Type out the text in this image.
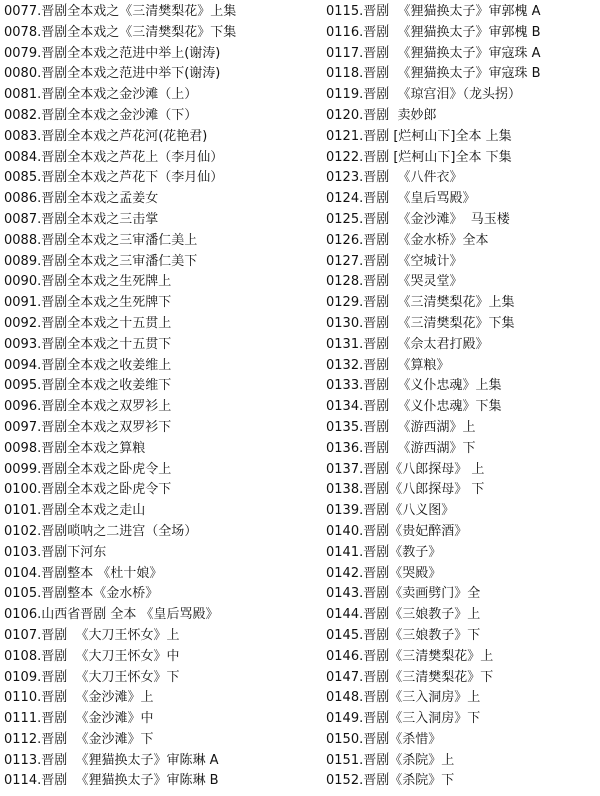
0077.晋剧全本戏之《三清樊梨花》上集
0078.晋剧全本戏之《三清樊梨花》下集
0079.晋剧全本戏之范进中举上(谢涛)
0080.晋剧全本戏之范进中举下(谢涛)
0081.晋剧全本戏之金沙滩（上）
0082.晋剧全本戏之金沙滩（下）
0083.晋剧全本戏之芦花河(花艳君)
0084.晋剧全本戏之芦花上（李月仙）
0085.晋剧全本戏之芦花下（李月仙）
0086.晋剧全本戏之孟姜女
0087.晋剧全本戏之三击掌
0088.晋剧全本戏之三审潘仁美上
0089.晋剧全本戏之三审潘仁美下
0090.晋剧全本戏之生死牌上
0091.晋剧全本戏之生死牌下
0092.晋剧全本戏之十五贯上
0093.晋剧全本戏之十五贯下
0094.晋剧全本戏之收姜维上
0095.晋剧全本戏之收姜维下
0096.晋剧全本戏之双罗衫上
0097.晋剧全本戏之双罗衫下
0098.晋剧全本戏之算粮
0099.晋剧全本戏之卧虎令上
0100.晋剧全本戏之卧虎令下
0101.晋剧全本戏之走山
0102.晋剧唢呐之二进宫（全场）
0103.晋剧下河东
0104.晋剧整本 《杜十娘》
0105.晋剧整本《金水桥》
0106.山西省晋剧 全本 《皇后骂殿》
0107.晋剧  《大刀王怀女》上
0108.晋剧  《大刀王怀女》中
0109.晋剧  《大刀王怀女》下
0110.晋剧  《金沙滩》上
0111.晋剧  《金沙滩》中
0112.晋剧  《金沙滩》下
0113.晋剧  《狸猫换太子》审陈琳 A
0114.晋剧  《狸猫换太子》审陈琳 B
0115.晋剧  《狸猫换太子》审郭槐 A
0116.晋剧  《狸猫换太子》审郭槐 B
0117.晋剧  《狸猫换太子》审寇珠 A
0118.晋剧  《狸猫换太子》审寇珠 B
0119.晋剧  《琼宫泪》（龙头拐）
0120.晋剧  卖妙郎
0121.晋剧 [烂柯山下]全本 上集
0122.晋剧 [烂柯山下]全本 下集
0123.晋剧  《八件衣》
0124.晋剧  《皇后骂殿》
0125.晋剧  《金沙滩》  马玉楼
0126.晋剧  《金水桥》全本
0127.晋剧  《空城计》
0128.晋剧  《哭灵堂》
0129.晋剧  《三清樊梨花》上集
0130.晋剧  《三清樊梨花》下集
0131.晋剧  《佘太君打殿》
0132.晋剧  《算粮》
0133.晋剧  《义仆忠魂》上集
0134.晋剧  《义仆忠魂》下集
0135.晋剧  《游西湖》上
0136.晋剧  《游西湖》下
0137.晋剧《八郎探母》 上
0138.晋剧《八郎探母》 下
0139.晋剧《八义图》
0140.晋剧《贵妃醉酒》
0141.晋剧《教子》
0142.晋剧《哭殿》
0143.晋剧《卖画劈门》全
0144.晋剧《三娘教子》上
0145.晋剧《三娘教子》下
0146.晋剧《三清樊梨花》上
0147.晋剧《三清樊梨花》下
0148.晋剧《三入洞房》上
0149.晋剧《三入洞房》下
0150.晋剧《杀惜》
0151.晋剧《杀院》上
0152.晋剧《杀院》下
